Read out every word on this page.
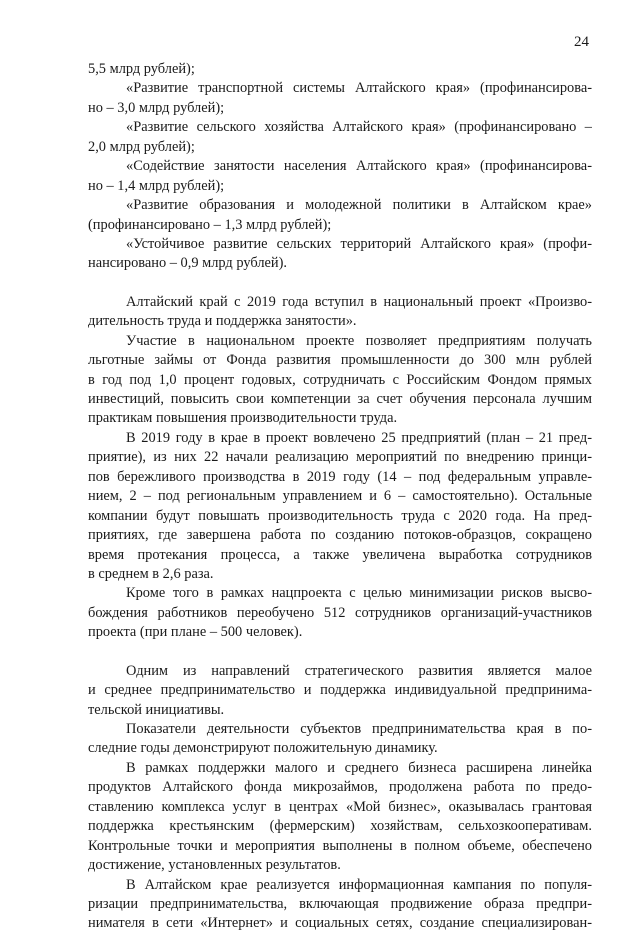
24
5,5 млрд рублей);
«Развитие транспортной системы Алтайского края» (профинансирова-
но – 3,0 млрд рублей);
«Развитие сельского хозяйства Алтайского края» (профинансировано –
2,0 млрд рублей);
«Содействие занятости населения Алтайского края» (профинансирова-
но – 1,4 млрд рублей);
«Развитие образования и молодежной политики в Алтайском крае»
(профинансировано – 1,3 млрд рублей);
«Устойчивое развитие сельских территорий Алтайского края» (профи-
нансировано – 0,9 млрд рублей).
Алтайский край с 2019 года вступил в национальный проект «Произво-
дительность труда и поддержка занятости».
Участие в национальном проекте позволяет предприятиям получать
льготные займы от Фонда развития промышленности до 300 млн рублей
в год под 1,0 процент годовых, сотрудничать с Российским Фондом прямых
инвестиций, повысить свои компетенции за счет обучения персонала лучшим
практикам повышения производительности труда.
В 2019 году в крае в проект вовлечено 25 предприятий (план – 21 пред-
приятие), из них 22 начали реализацию мероприятий по внедрению принци-
пов бережливого производства в 2019 году (14 – под федеральным управле-
нием, 2 – под региональным управлением и 6 – самостоятельно). Остальные
компании будут повышать производительность труда с 2020 года. На пред-
приятиях, где завершена работа по созданию потоков-образцов, сокращено
время протекания процесса, а также увеличена выработка сотрудников
в среднем в 2,6 раза.
Кроме того в рамках нацпроекта с целью минимизации рисков высво-
бождения работников переобучено 512 сотрудников организаций-участников
проекта (при плане – 500 человек).
Одним из направлений стратегического развития является малое
и среднее предпринимательство и поддержка индивидуальной предпринима-
тельской инициативы.
Показатели деятельности субъектов предпринимательства края в по-
следние годы демонстрируют положительную динамику.
В рамках поддержки малого и среднего бизнеса расширена линейка
продуктов Алтайского фонда микрозаймов, продолжена работа по предо-
ставлению комплекса услуг в центрах «Мой бизнес», оказывалась грантовая
поддержка крестьянским (фермерским) хозяйствам, сельхозкооперативам.
Контрольные точки и мероприятия выполнены в полном объеме, обеспечено
достижение, установленных результатов.
В Алтайском крае реализуется информационная кампания по популя-
ризации предпринимательства, включающая продвижение образа предпри-
нимателя в сети «Интернет» и социальных сетях, создание специализирован-
